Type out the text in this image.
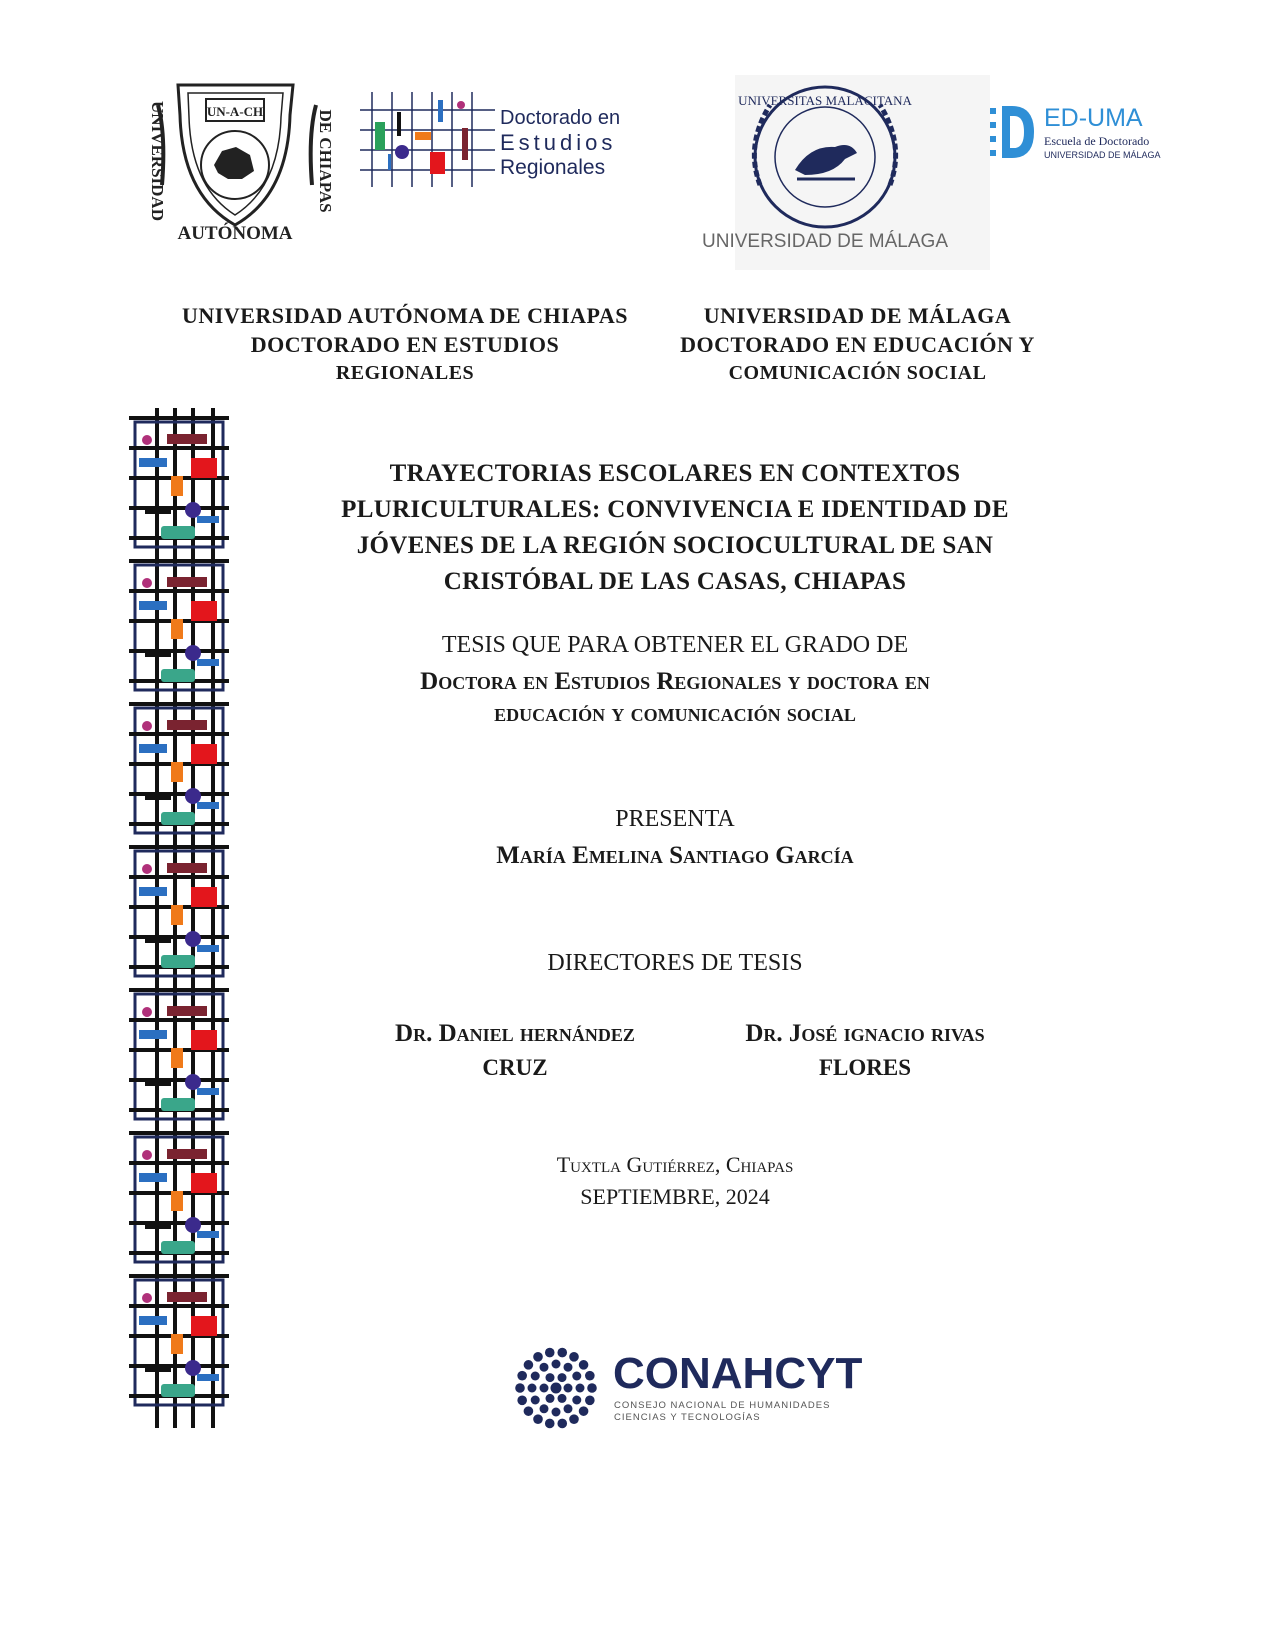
UNIVERSIDAD	DE CHIAPAS
UN-A-CH
AUTÓNOMA
Doctorado en
Estudios
Regionales
UNIVERSITAS MALACITANA
UNIVERSIDAD DE MÁLAGA
ED-UMA
Escuela de Doctorado
UNIVERSIDAD DE MÁLAGA
UNIVERSIDAD AUTÓNOMA DE CHIAPAS
DOCTORADO EN ESTUDIOS
REGIONALES
UNIVERSIDAD DE MÁLAGA
DOCTORADO EN EDUCACIÓN Y
COMUNICACIÓN SOCIAL
TRAYECTORIAS ESCOLARES EN CONTEXTOS
PLURICULTURALES: CONVIVENCIA E IDENTIDAD DE
JÓVENES DE LA REGIÓN SOCIOCULTURAL DE SAN
CRISTÓBAL DE LAS CASAS, CHIAPAS
TESIS QUE PARA OBTENER EL GRADO DE
Doctora en Estudios Regionales y doctora en
educación y comunicación social
PRESENTA
María Emelina Santiago García
DIRECTORES DE TESIS
Dr. Daniel hernández
CRUZ
Dr. José ignacio rivas
FLORES
Tuxtla Gutiérrez, Chiapas
SEPTIEMBRE, 2024
CONAHCYT
CONSEJO NACIONAL DE HUMANIDADES
CIENCIAS Y TECNOLOGÍAS
